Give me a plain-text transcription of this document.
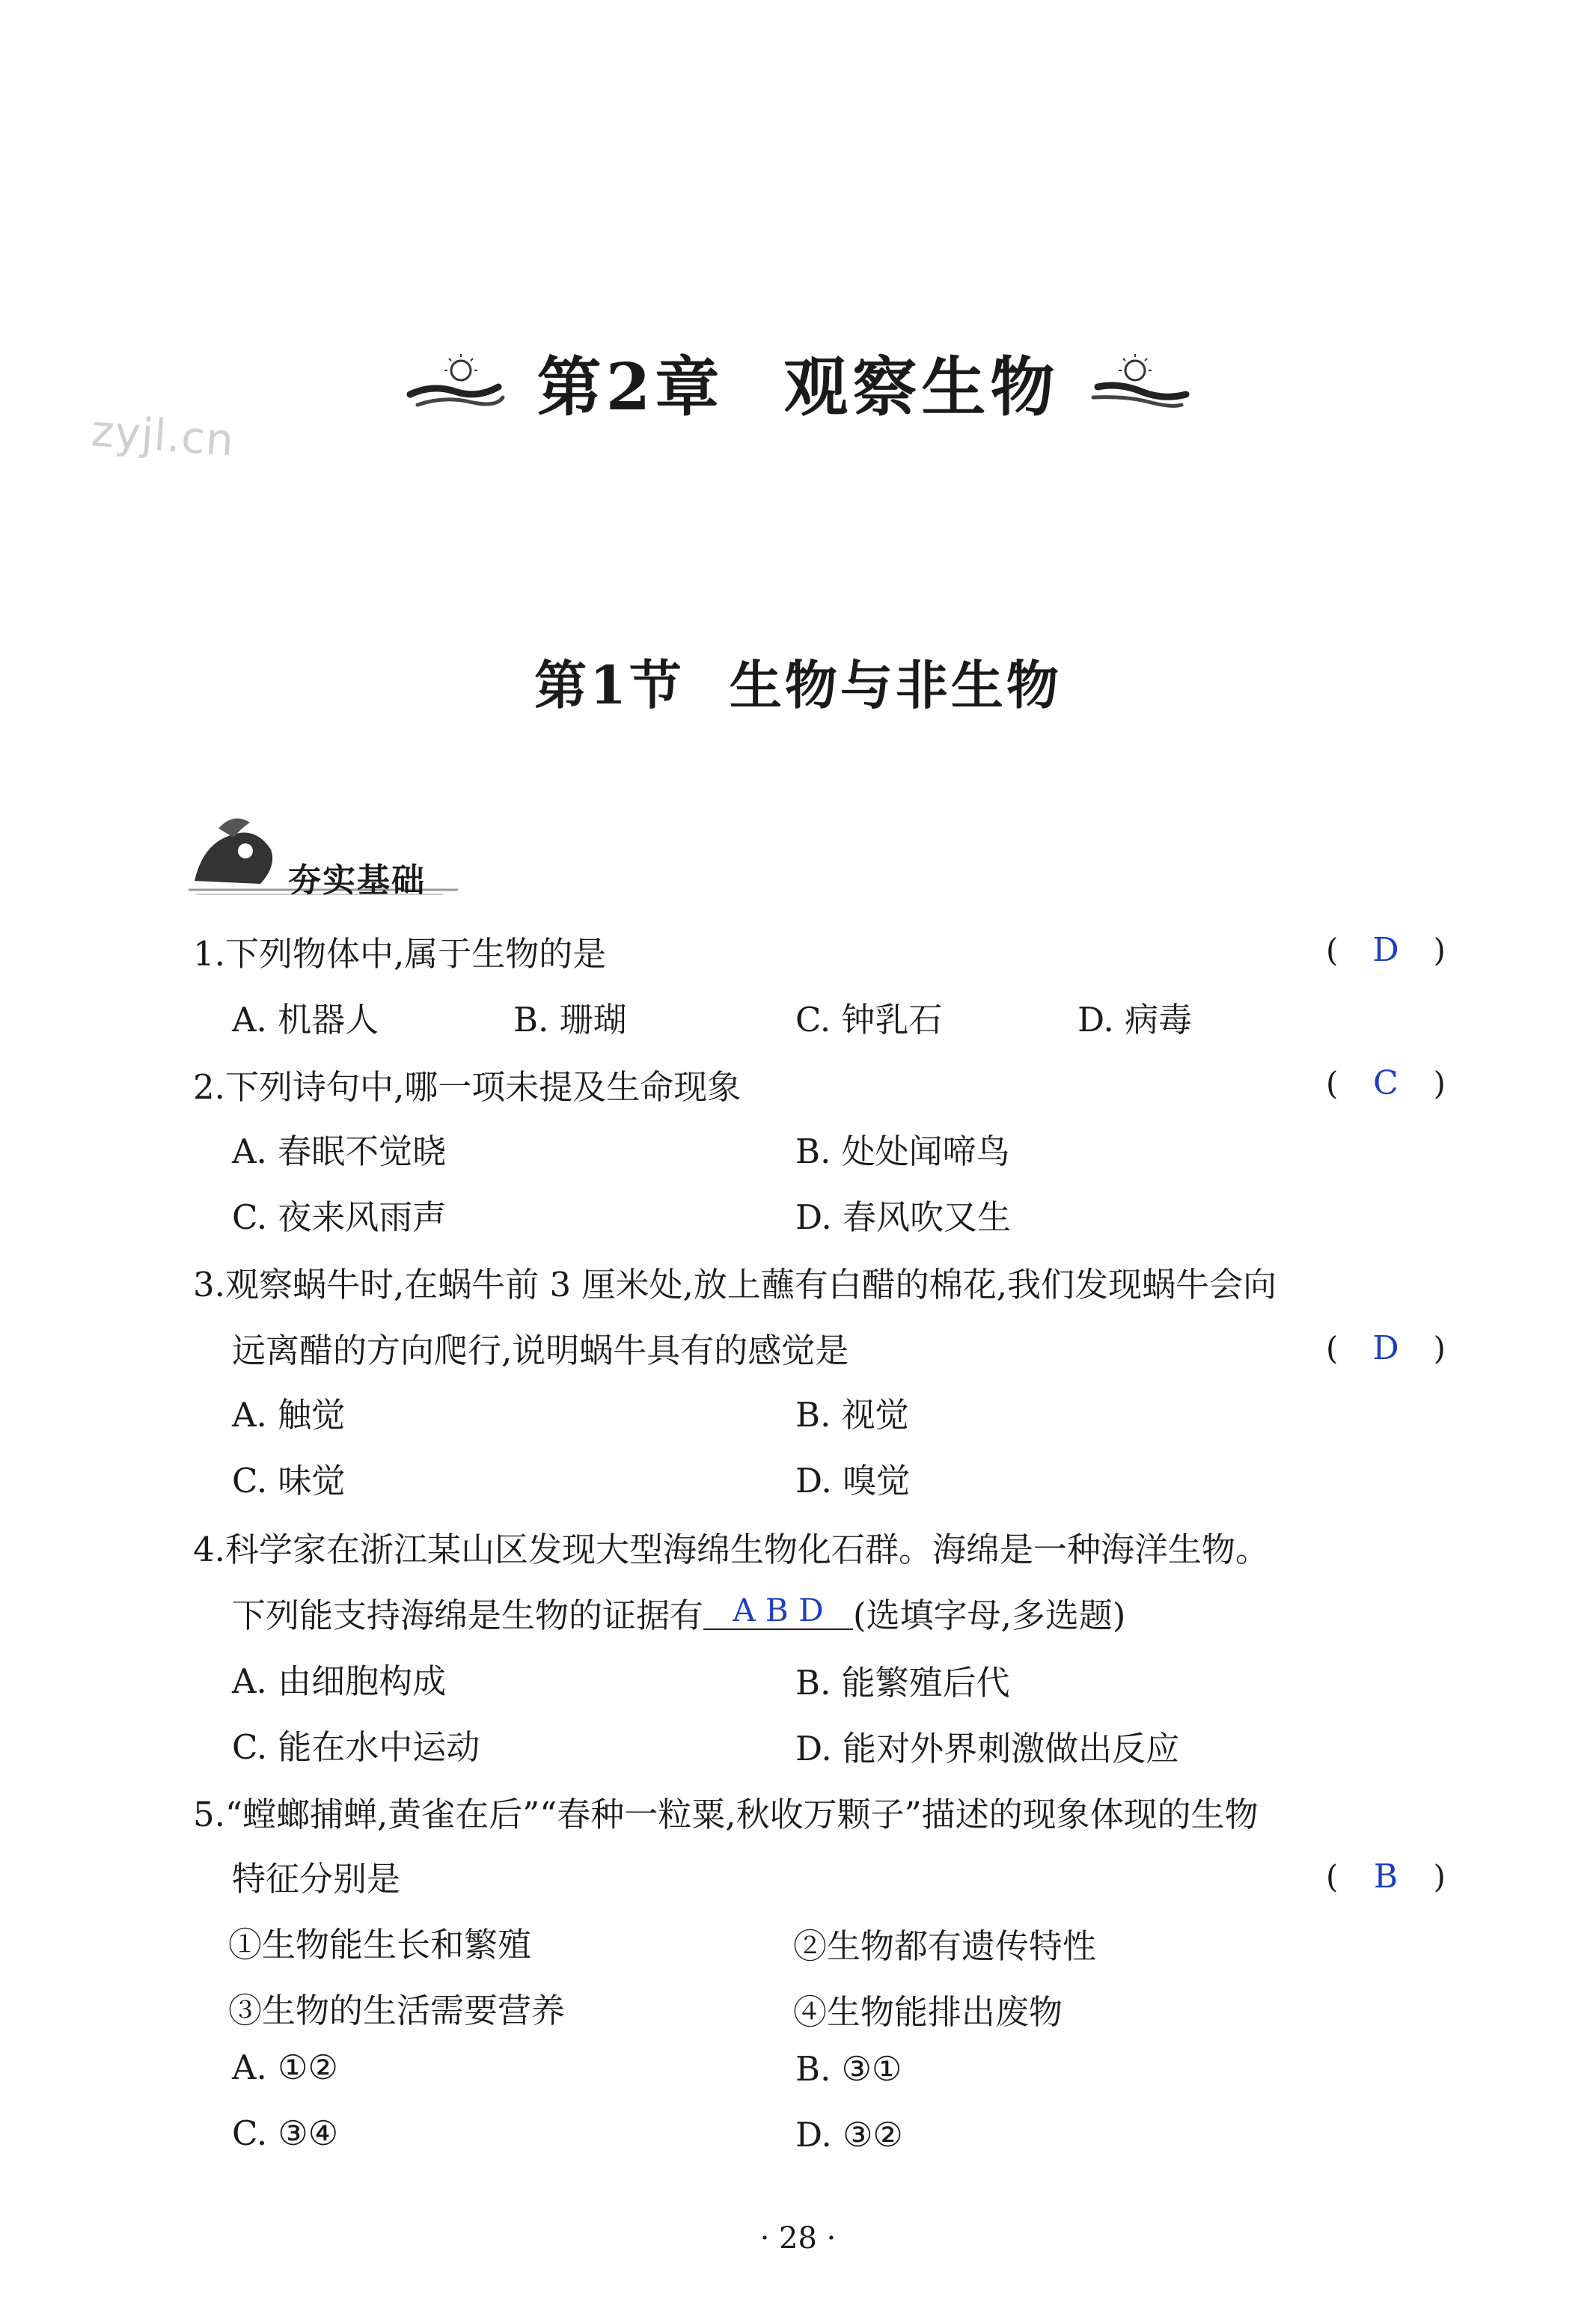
zyjl.cn
第2章 观察生物
第1节 生物与非生物
夯实基础
1.下列物体中,属于生物的是	( D )
A. 机器人	B. 珊瑚	C. 钟乳石	D. 病毒
2.下列诗句中,哪一项未提及生命现象	( C )
A. 春眠不觉晓	B. 处处闻啼鸟
C. 夜来风雨声	D. 春风吹又生
3.观察蜗牛时,在蜗牛前 3 厘米处,放上蘸有白醋的棉花,我们发现蜗牛会向
远离醋的方向爬行,说明蜗牛具有的感觉是	( D )
A. 触觉	B. 视觉
C. 味觉	D. 嗅觉
4.科学家在浙江某山区发现大型海绵生物化石群。海绵是一种海洋生物。
下列能支持海绵是生物的证据有 A B D (选填字母,多选题)
A. 由细胞构成	B. 能繁殖后代
C. 能在水中运动	D. 能对外界刺激做出反应
5.“螳螂捕蝉,黄雀在后”“春种一粒粟,秋收万颗子”描述的现象体现的生物
特征分别是	( B )
①生物能生长和繁殖	②生物都有遗传特性
③生物的生活需要营养	④生物能排出废物
A. ①②	B. ③①
C. ③④	D. ③②
· 28 ·
